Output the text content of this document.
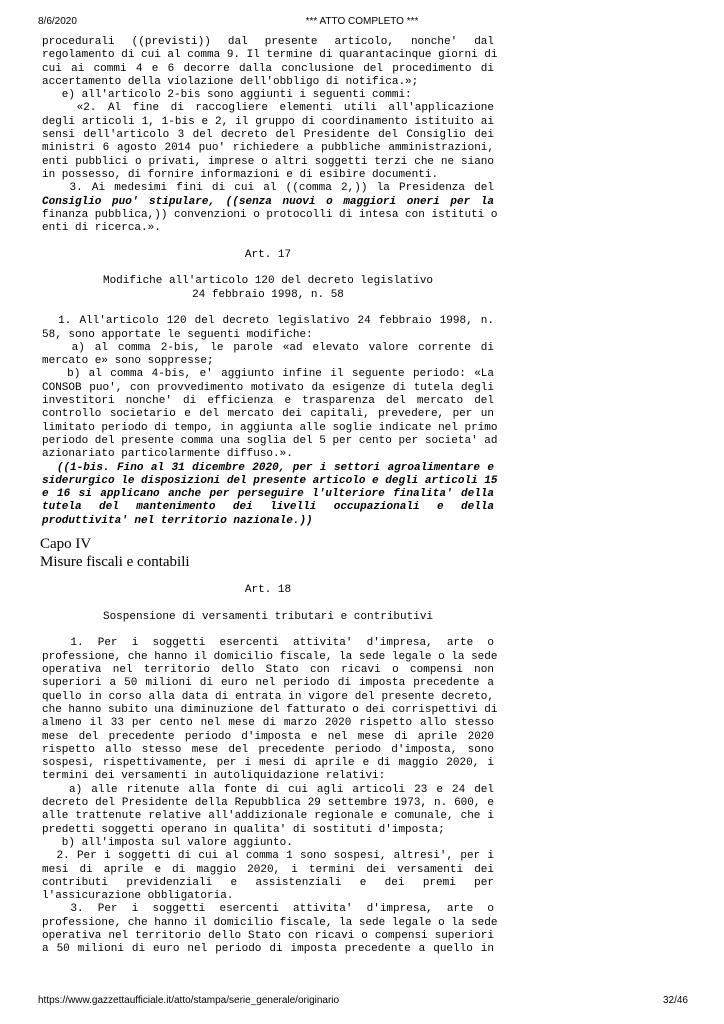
8/6/2020	*** ATTO COMPLETO ***
procedurali ((previsti)) dal presente articolo, nonche' dal
regolamento di cui al comma 9. Il termine di quarantacinque giorni di
cui ai commi 4 e 6 decorre dalla conclusione del procedimento di
accertamento della violazione dell'obbligo di notifica.»;
e) all'articolo 2-bis sono aggiunti i seguenti commi:
«2. Al fine di raccogliere elementi utili all'applicazione
degli articoli 1, 1-bis e 2, il gruppo di coordinamento istituito ai
sensi dell'articolo 3 del decreto del Presidente del Consiglio dei
ministri 6 agosto 2014 puo' richiedere a pubbliche amministrazioni,
enti pubblici o privati, imprese o altri soggetti terzi che ne siano
in possesso, di fornire informazioni e di esibire documenti.
3. Ai medesimi fini di cui al ((comma 2,)) la Presidenza del
Consiglio puo' stipulare, ((senza nuovi o maggiori oneri per la
finanza pubblica,)) convenzioni o protocolli di intesa con istituti o
enti di ricerca.».
Art. 17
Modifiche all'articolo 120 del decreto legislativo
24 febbraio 1998, n. 58
1. All'articolo 120 del decreto legislativo 24 febbraio 1998, n.
58, sono apportate le seguenti modifiche:
a) al comma 2-bis, le parole «ad elevato valore corrente di
mercato e» sono soppresse;
b) al comma 4-bis, e' aggiunto infine il seguente periodo: «La
CONSOB puo', con provvedimento motivato da esigenze di tutela degli
investitori nonche' di efficienza e trasparenza del mercato del
controllo societario e del mercato dei capitali, prevedere, per un
limitato periodo di tempo, in aggiunta alle soglie indicate nel primo
periodo del presente comma una soglia del 5 per cento per societa' ad
azionariato particolarmente diffuso.».
((1-bis. Fino al 31 dicembre 2020, per i settori agroalimentare e
siderurgico le disposizioni del presente articolo e degli articoli 15
e 16 si applicano anche per perseguire l'ulteriore finalita' della
tutela del mantenimento dei livelli occupazionali e della
produttivita' nel territorio nazionale.))
Capo IV
Misure fiscali e contabili
Art. 18
Sospensione di versamenti tributari e contributivi
1. Per i soggetti esercenti attivita' d'impresa, arte o
professione, che hanno il domicilio fiscale, la sede legale o la sede
operativa nel territorio dello Stato con ricavi o compensi non
superiori a 50 milioni di euro nel periodo di imposta precedente a
quello in corso alla data di entrata in vigore del presente decreto,
che hanno subito una diminuzione del fatturato o dei corrispettivi di
almeno il 33 per cento nel mese di marzo 2020 rispetto allo stesso
mese del precedente periodo d'imposta e nel mese di aprile 2020
rispetto allo stesso mese del precedente periodo d'imposta, sono
sospesi, rispettivamente, per i mesi di aprile e di maggio 2020, i
termini dei versamenti in autoliquidazione relativi:
a) alle ritenute alla fonte di cui agli articoli 23 e 24 del
decreto del Presidente della Repubblica 29 settembre 1973, n. 600, e
alle trattenute relative all'addizionale regionale e comunale, che i
predetti soggetti operano in qualita' di sostituti d'imposta;
b) all'imposta sul valore aggiunto.
2. Per i soggetti di cui al comma 1 sono sospesi, altresi', per i
mesi di aprile e di maggio 2020, i termini dei versamenti dei
contributi previdenziali e assistenziali e dei premi per
l'assicurazione obbligatoria.
3. Per i soggetti esercenti attivita' d'impresa, arte o
professione, che hanno il domicilio fiscale, la sede legale o la sede
operativa nel territorio dello Stato con ricavi o compensi superiori
a 50 milioni di euro nel periodo di imposta precedente a quello in
https://www.gazzettaufficiale.it/atto/stampa/serie_generale/originario	32/46
